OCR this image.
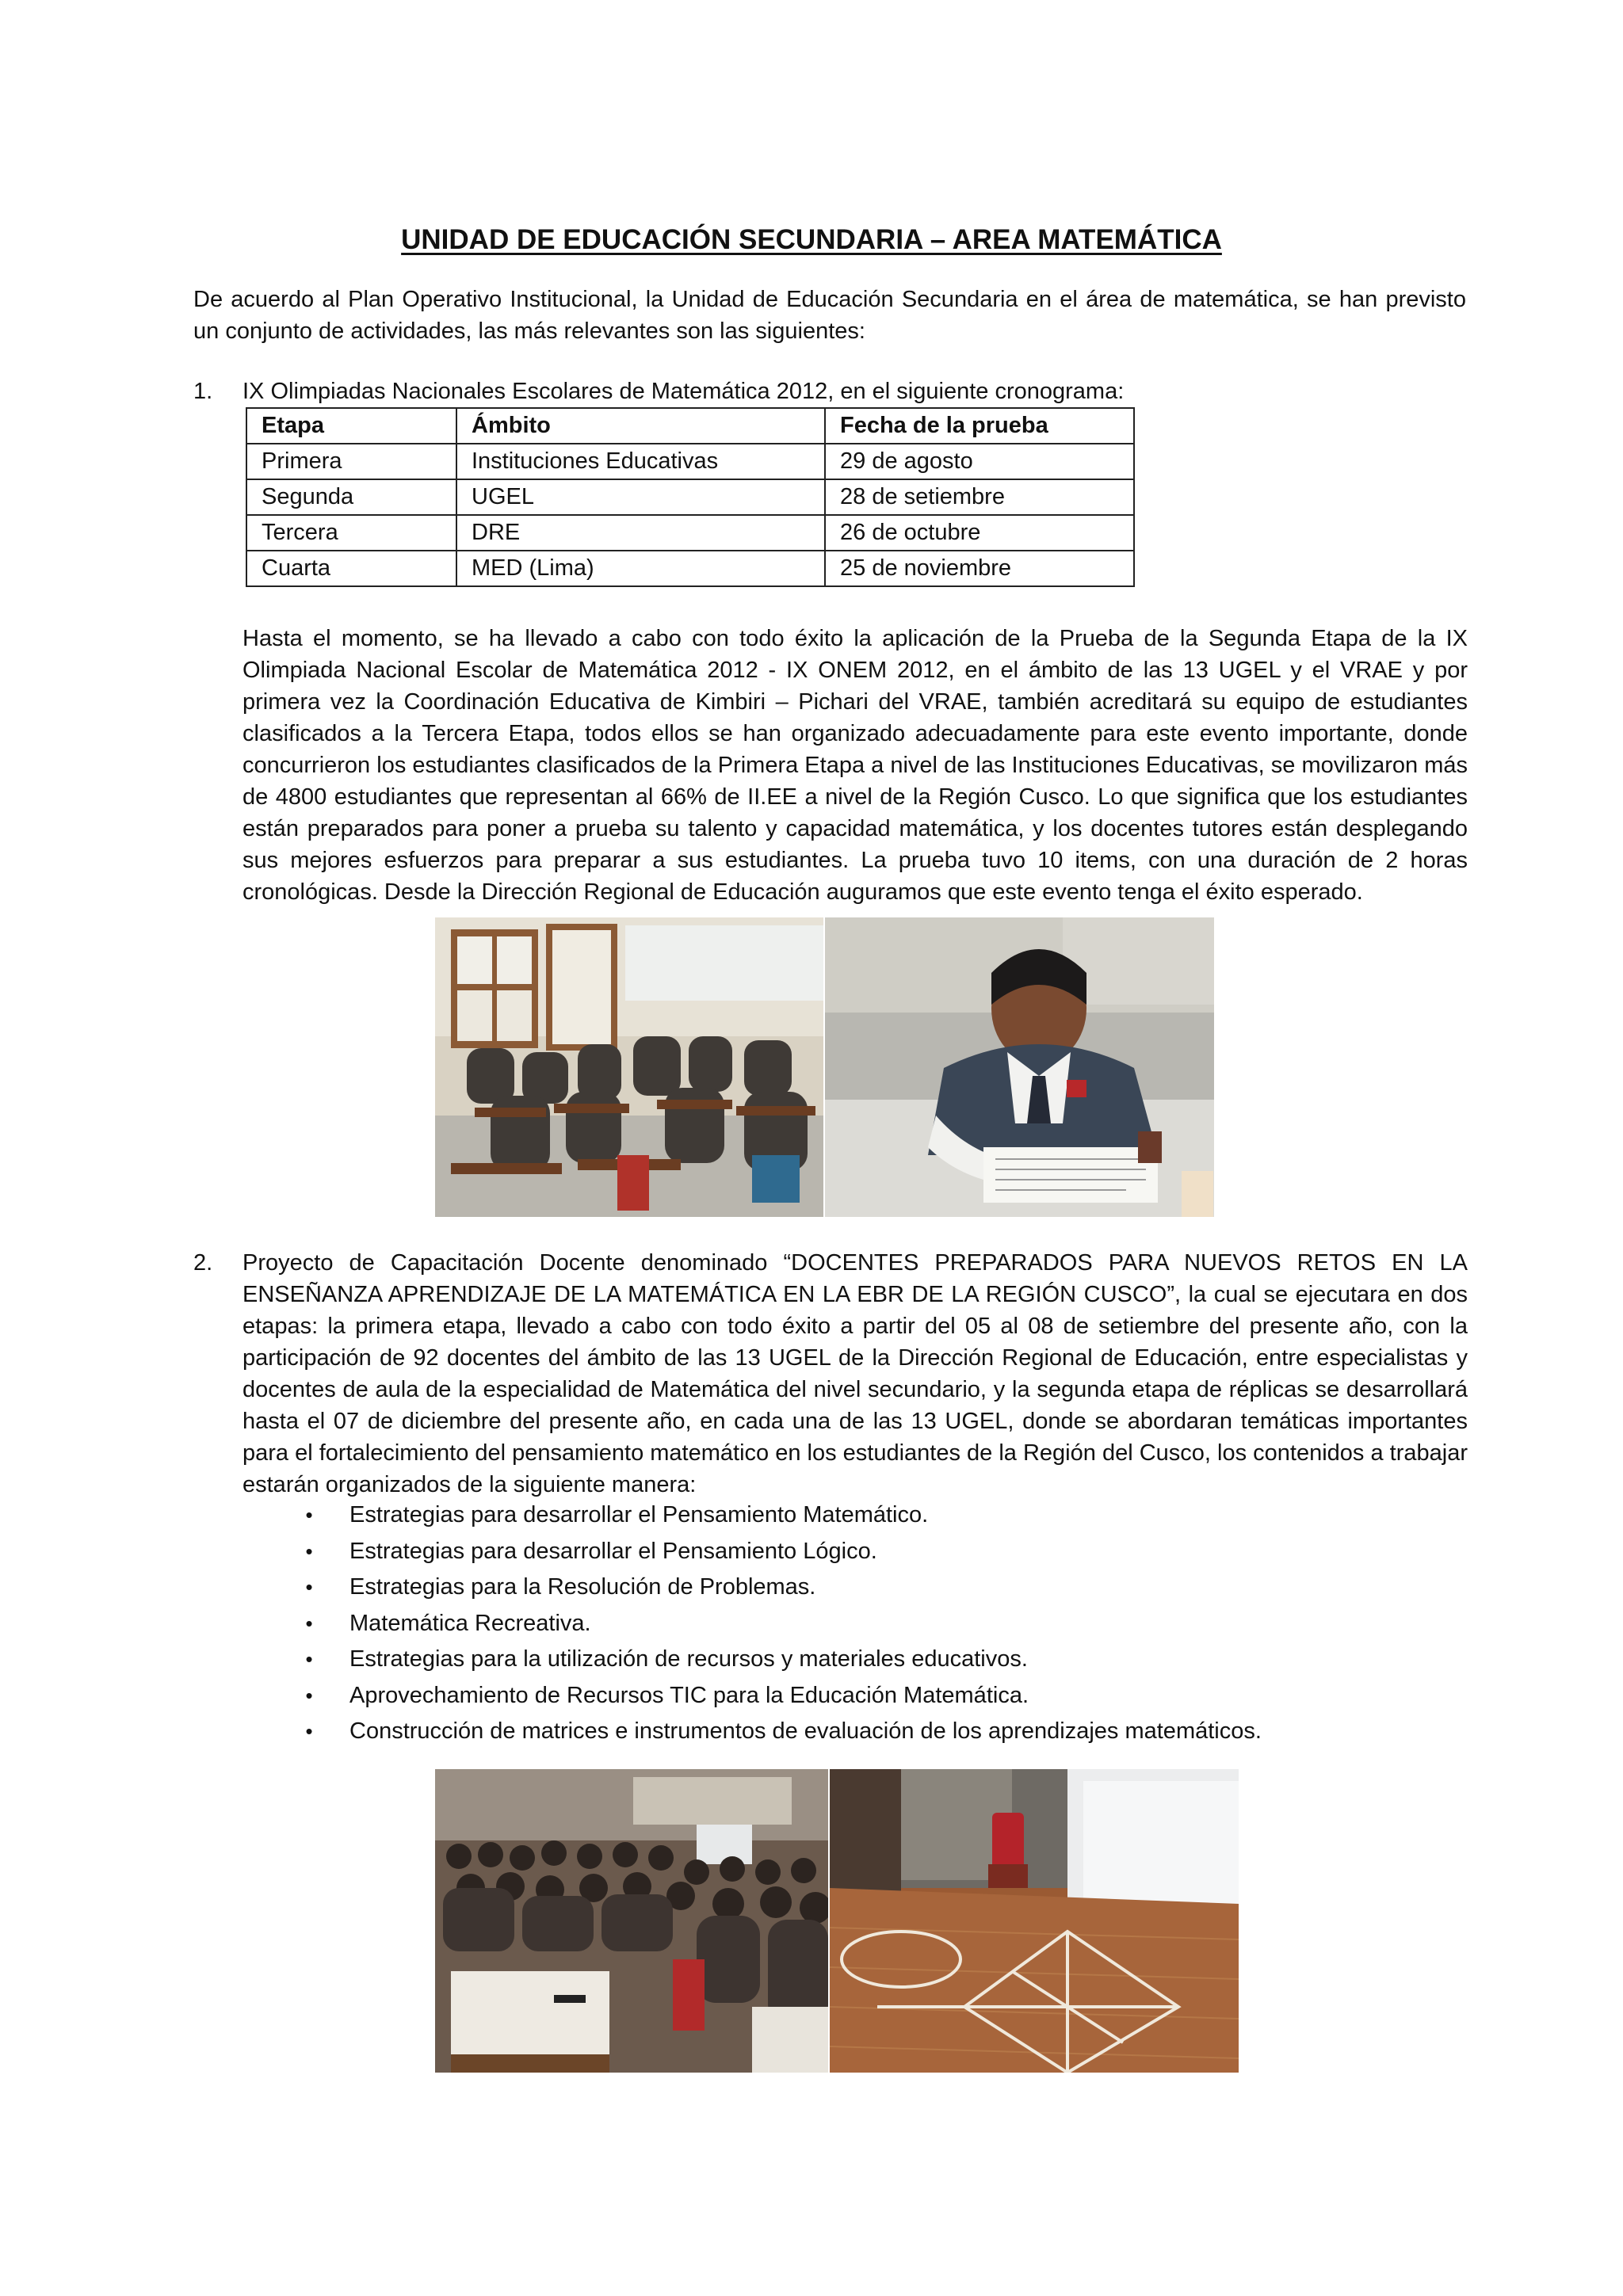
UNIDAD DE EDUCACIÓN SECUNDARIA – AREA MATEMÁTICA

De acuerdo al Plan Operativo Institucional, la Unidad de Educación Secundaria en el área de matemática, se han previsto un conjunto de actividades, las más relevantes son las siguientes:

1. IX Olimpiadas Nacionales Escolares de Matemática 2012, en el siguiente cronograma:
Etapa	Ámbito	Fecha de la prueba
Primera	Instituciones Educativas	29 de agosto
Segunda	UGEL	28 de setiembre
Tercera	DRE	26 de octubre
Cuarta	MED (Lima)	25 de noviembre

Hasta el momento, se ha llevado a cabo con todo éxito la aplicación de la Prueba de la Segunda Etapa de la IX Olimpiada Nacional Escolar de Matemática 2012 - IX ONEM 2012, en el ámbito de las 13 UGEL y el VRAE y por primera vez la Coordinación Educativa de Kimbiri – Pichari del VRAE, también acreditará su equipo de estudiantes clasificados a la Tercera Etapa, todos ellos se han organizado adecuadamente para este evento importante, donde concurrieron los estudiantes clasificados de la Primera Etapa a nivel de las Instituciones Educativas, se movilizaron más de 4800 estudiantes que representan al 66% de II.EE a nivel de la Región Cusco. Lo que significa que los estudiantes están preparados para poner a prueba su talento y capacidad matemática, y los docentes tutores están desplegando sus mejores esfuerzos para preparar a sus estudiantes. La prueba tuvo 10 items, con una duración de 2 horas cronológicas. Desde la Dirección Regional de Educación auguramos que este evento tenga el éxito esperado.

2. Proyecto de Capacitación Docente denominado “DOCENTES PREPARADOS PARA NUEVOS RETOS EN LA ENSEÑANZA APRENDIZAJE DE LA MATEMÁTICA EN LA EBR DE LA REGIÓN CUSCO”, la cual se ejecutara en dos etapas: la primera etapa, llevado a cabo con todo éxito a partir del 05 al 08 de setiembre del presente año, con la participación de 92 docentes del ámbito de las 13 UGEL de la Dirección Regional de Educación, entre especialistas y docentes de aula de la especialidad de Matemática del nivel secundario, y la segunda etapa de réplicas se desarrollará hasta el 07 de diciembre del presente año, en cada una de las 13 UGEL, donde se abordaran temáticas importantes para el fortalecimiento del pensamiento matemático en los estudiantes de la Región del Cusco, los contenidos a trabajar estarán organizados de la siguiente manera:

•	Estrategias para desarrollar el Pensamiento Matemático.
•	Estrategias para desarrollar el Pensamiento Lógico.
•	Estrategias para la Resolución de Problemas.
•	Matemática Recreativa.
•	Estrategias para la utilización de recursos y materiales educativos.
•	Aprovechamiento de Recursos TIC para la Educación Matemática.
•	Construcción de matrices e instrumentos de evaluación de los aprendizajes matemáticos.
